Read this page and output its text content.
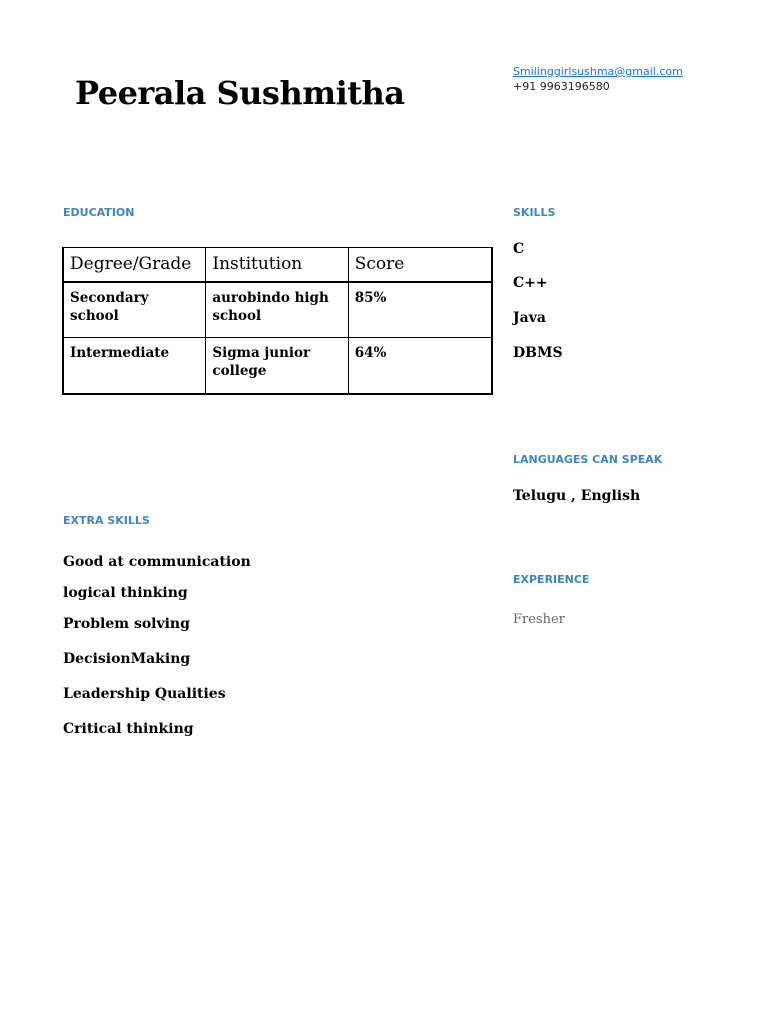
Peerala Sushmitha
Smilinggirlsushma@gmail.com
+91 9963196580
EDUCATION
Degree/Grade	Institution	Score
Secondary school	aurobindo high school	85%
Intermediate	Sigma junior college	64%
EXTRA SKILLS
Good at communication
logical thinking
Problem solving
DecisionMaking
Leadership Qualities
Critical thinking
SKILLS
C
C++
Java
DBMS
LANGUAGES CAN SPEAK
Telugu , English
EXPERIENCE
Fresher
